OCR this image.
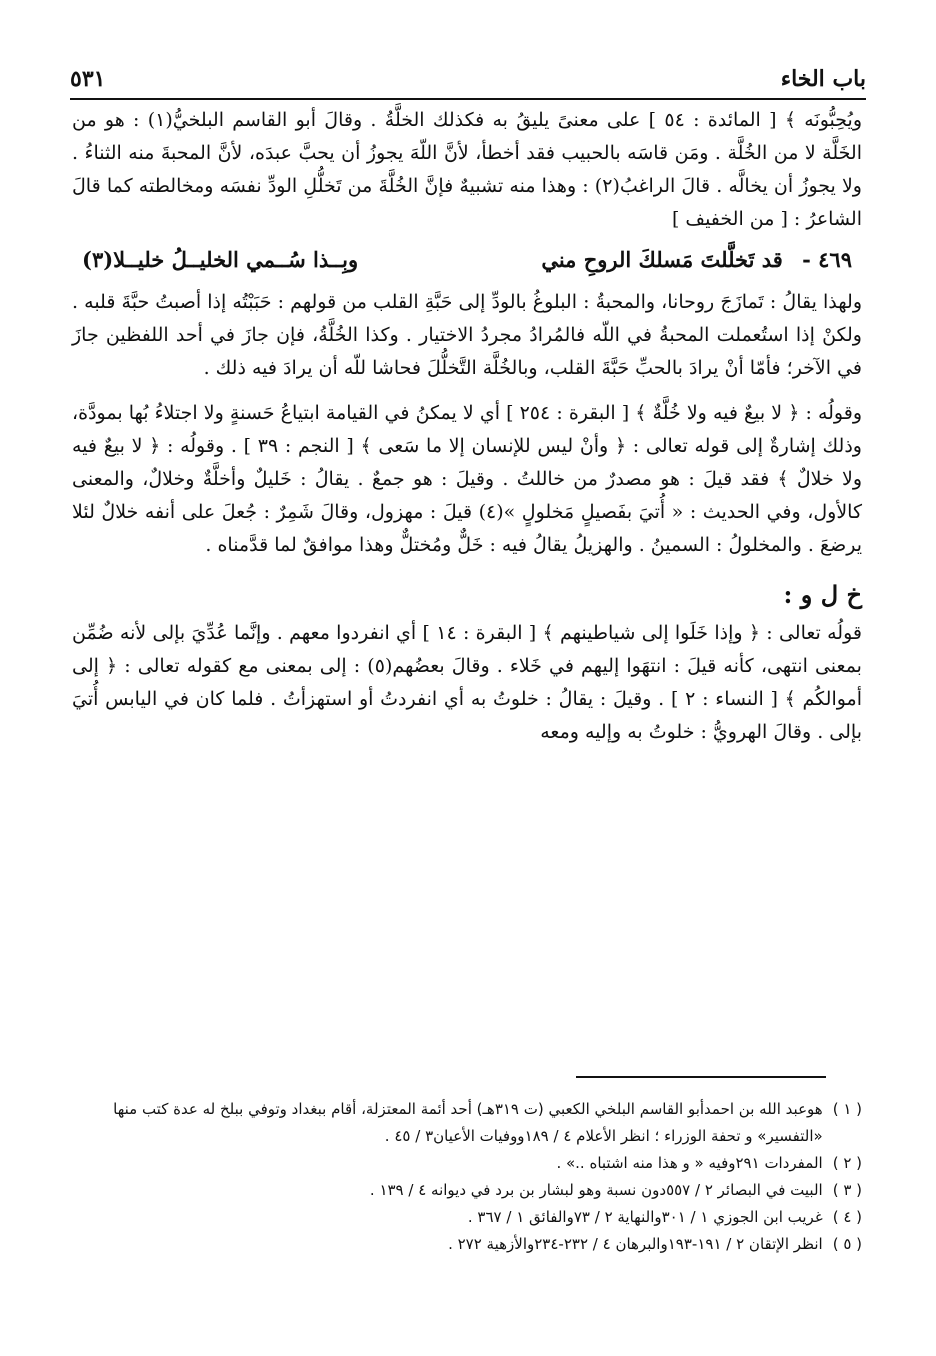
باب الخاء
٥٣١

ويُحِبُّونَه ﴾ [ المائدة : ٥٤ ] على معنىً يليقُ به فكذلك الخلَّةُ . وقالَ أبو القاسم البلخيُّ(١) : هو من الخَلَّة لا من الخُلَّة . ومَن قاسَه بالحبيب فقد أخطأ، لأنَّ اللّهَ يجوزُ أن يحبَّ عبدَه، لأنَّ المحبةَ منه الثناءُ . ولا يجوزُ أن يخالَّه . قالَ الراغبُ(٢) : وهذا منه تشبيهٌ فإنَّ الخُلَّةَ من تَخلُّلِ الودِّ نفسَه ومخالطته كما قالَ الشاعرُ : [ من الخفيف ]

٤٦٩ - قد تَخلَّلتَ مَسلكَ الروحِ مني
وبِــذا سُــمي الخليــلُ خليــلا(٣)

ولهذا يقالُ : تَمازَجَ روحانا، والمحبةُ : البلوغُ بالودِّ إلى حَبَّةِ القلب من قولهم : حَبَبْتُه إذا أصبتُ حبَّةَ قلبه . ولكنْ إذا استُعملت المحبةُ في اللّه فالمُرادُ مجردُ الاختيار . وكذا الخُلَّةُ، فإن جازَ في أحد اللفظين جازَ في الآخر؛ فأمّا أنْ يرادَ بالحبِّ حَبَّةَ القلب، وبالخُلَّة التَّخلُّلَ فحاشا للّه أن يرادَ فيه ذلك .

وقولُه : ﴿ لا بيعٌ فيه ولا خُلَّةٌ ﴾ [ البقرة : ٢٥٤ ] أي لا يمكنُ في القيامة ابتياعُ حَسنةٍ ولا اجتلاءُ بُها بمودَّة، وذلك إشارةٌ إلى قوله تعالى : ﴿ وأنْ ليس للإنسان إلا ما سَعى ﴾ [ النجم : ٣٩ ] . وقولُه : ﴿ لا بيعٌ فيه ولا خلالٌ ﴾ فقد قيلَ : هو مصدرٌ من خاللتُ . وقيلَ : هو جمعٌ . يقالُ : خَليلٌ وأخلَّةٌ وخلالٌ، والمعنى كالأول، وفي الحديث : « أُتيَ بفَصيلٍ مَخلولٍ »(٤) قيلَ : مهزول، وقالَ شَمِرٌ : جُعلَ على أنفه خلالٌ لئلا يرضعَ . والمخلولُ : السمينُ . والهزيلُ يقالُ فيه : خَلٌّ ومُختلٌّ وهذا موافقٌ لما قدَّمناه .

خ ل و :

قولُه تعالى : ﴿ وإذا خَلَوا إلى شياطينهم ﴾ [ البقرة : ١٤ ] أي انفردوا معهم . وإنَّما عُدِّيَ بإلى لأنه ضُمِّن بمعنى انتهى، كأنه قيلَ : انتهَوا إليهم في خَلاء . وقالَ بعضُهم(٥) : إلى بمعنى مع كقوله تعالى : ﴿ إلى أموالكُم ﴾ [ النساء : ٢ ] . وقيلَ : يقالُ : خلوتُ به أي انفردتُ أو استهزأتُ . فلما كان في اليابس أُتيَ بإلى . وقالَ الهرويُّ : خلوتُ به وإليه ومعه

( ١ )
هوعبد الله بن احمدأبو القاسم البلخي الكعبي (ت ٣١٩هـ) أحد أئمة المعتزلة، أقام ببغداد وتوفي ببلخ له عدة كتب منها «التفسير» و تحفة الوزراء ؛ انظر الأعلام ٤ / ١٨٩ووفيات الأعيان٣ / ٤٥ .
( ٢ )
المفردات ٢٩١وفيه « و هذا منه اشتباه ..» .
( ٣ )
البيت في البصائر ٢ / ٥٥٧دون نسبة وهو لبشار بن برد في ديوانه ٤ / ١٣٩ .
( ٤ )
غريب ابن الجوزي ١ / ٣٠١والنهاية ٢ / ٧٣والفائق ١ / ٣٦٧ .
( ٥ )
انظر الإتقان ٢ / ١٩١-١٩٣والبرهان ٤ / ٢٣٢-٢٣٤والأزهية ٢٧٢ .
